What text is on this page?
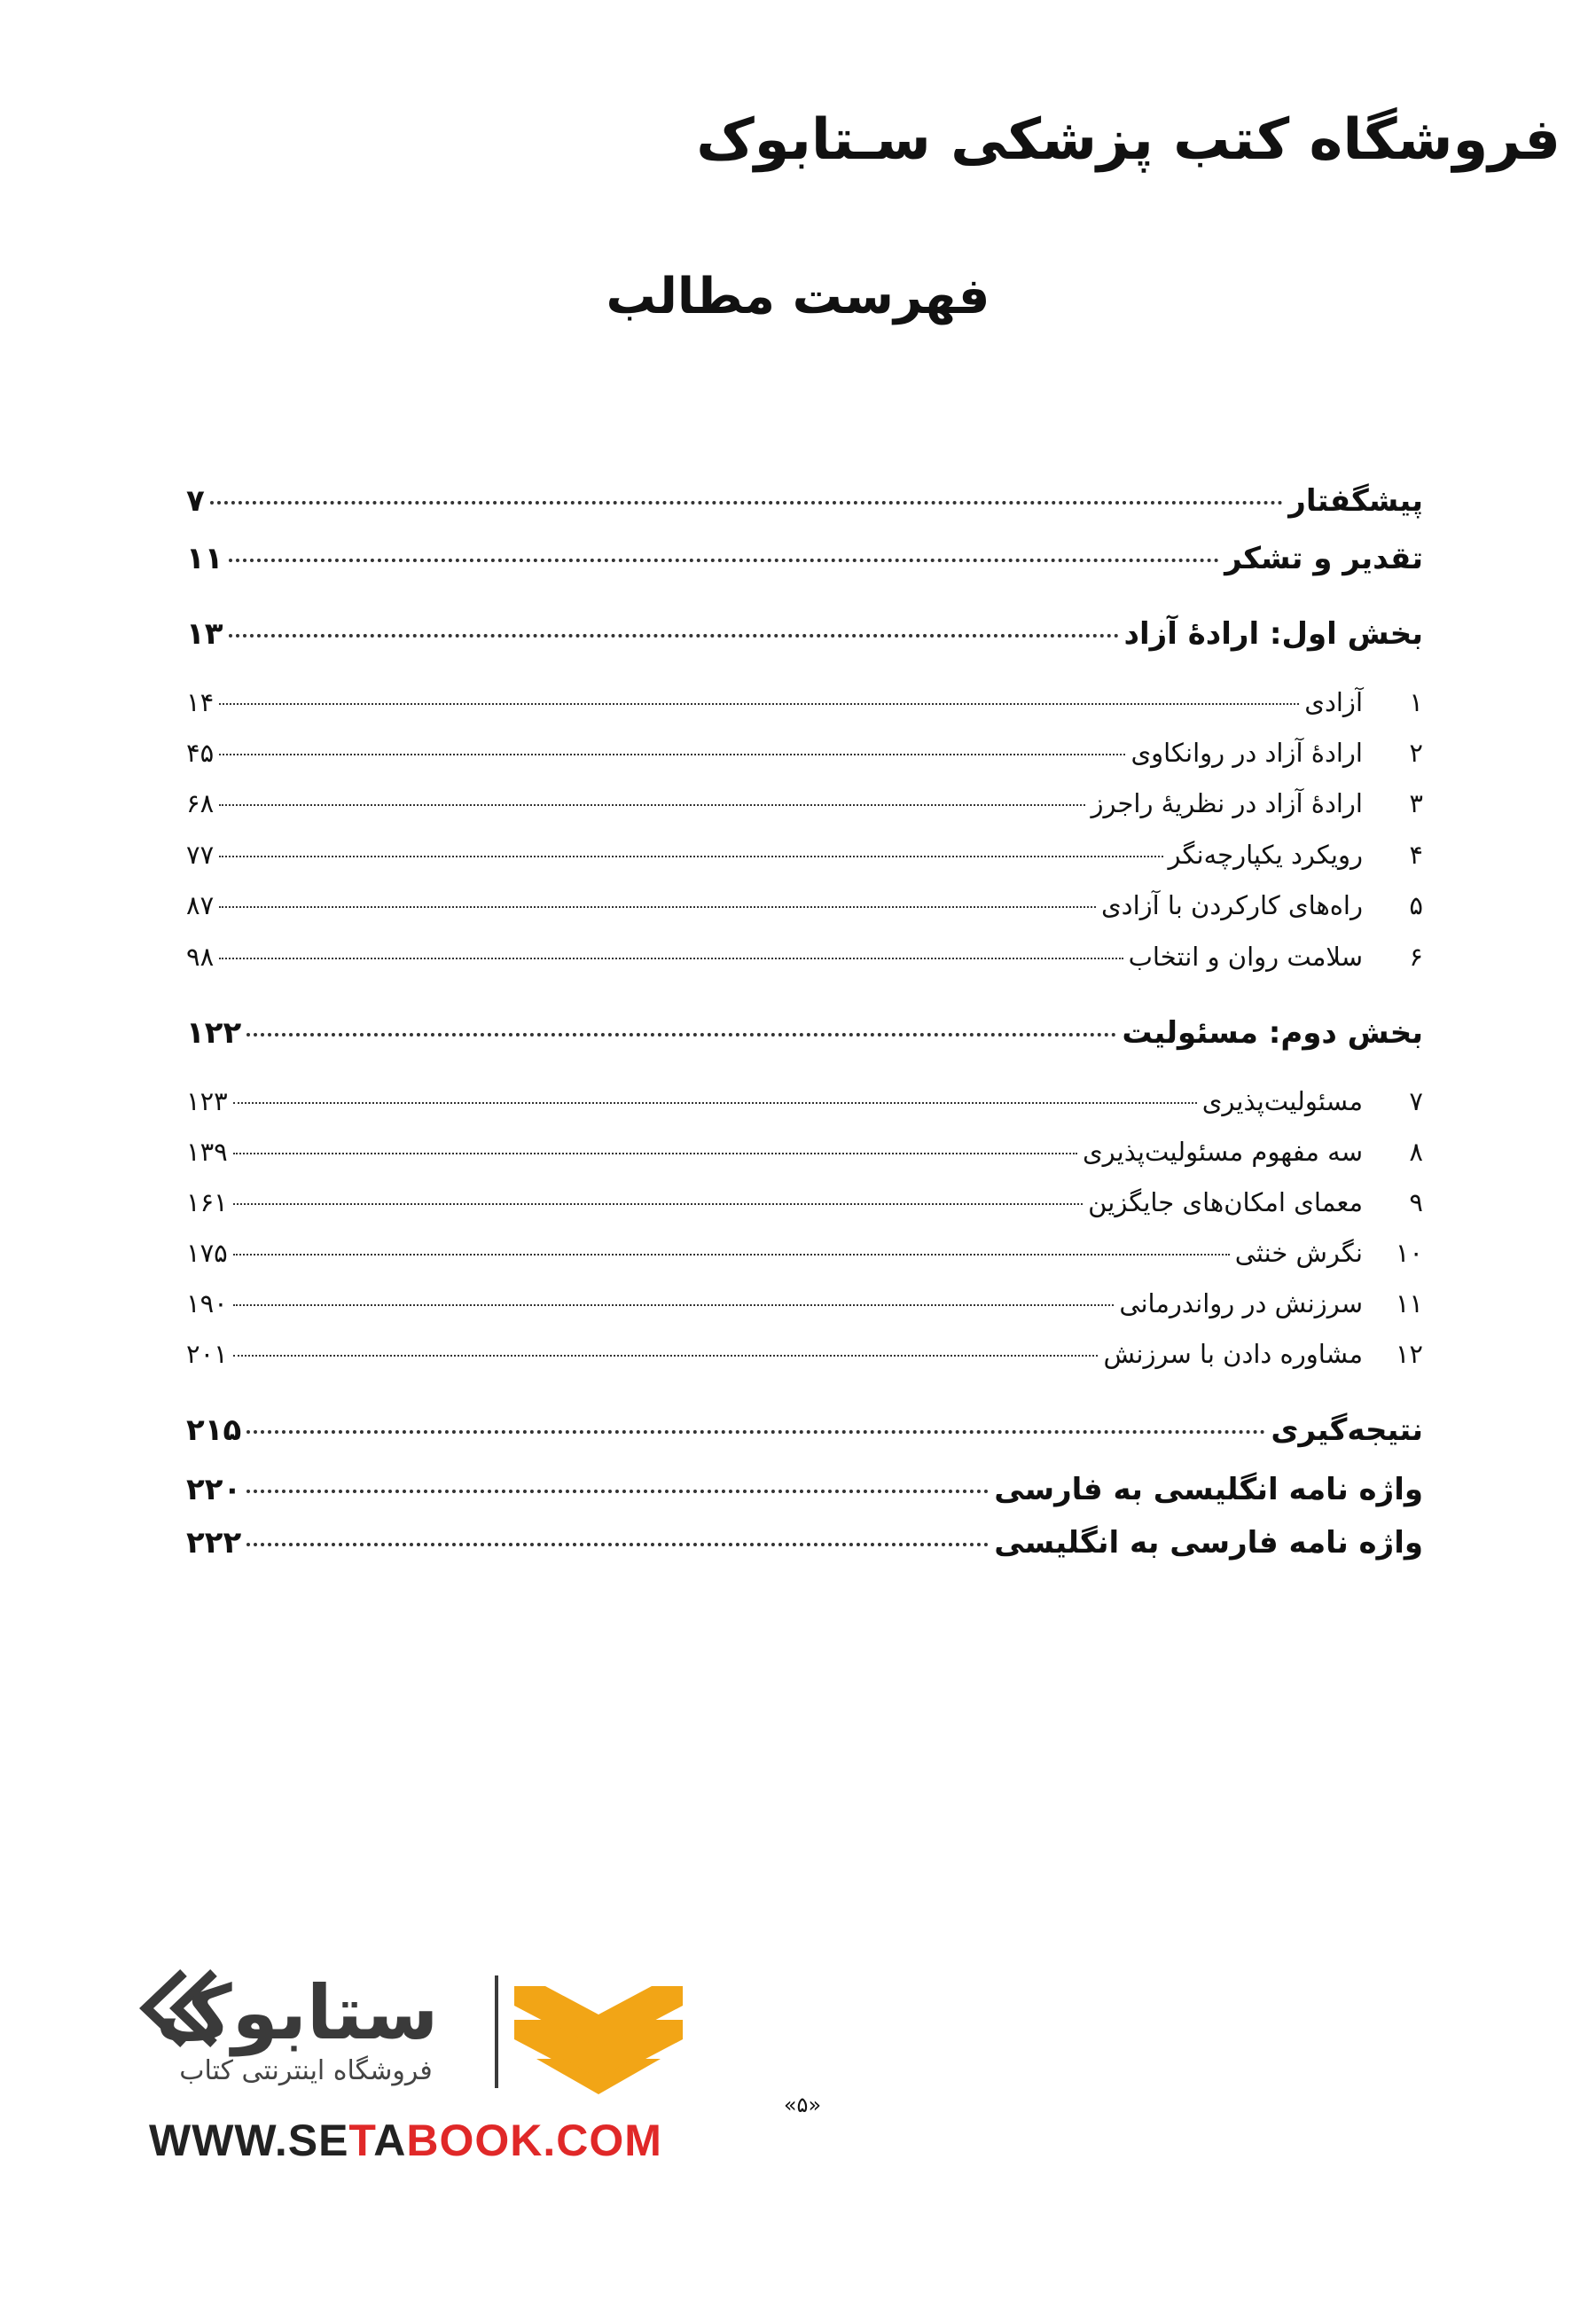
فروشگاه کتب پزشکی سـتابوک
فهرست مطالب
پیشگفتار
۷
تقدیر و تشکر
۱۱
بخش اول: ارادۀ آزاد
۱۳
۱
آزادی
۱۴
۲
ارادۀ آزاد در روانکاوی
۴۵
۳
ارادۀ آزاد در نظریۀ راجرز
۶۸
۴
رویکرد یکپارچه‌نگر
۷۷
۵
راه‌های کارکردن با آزادی
۸۷
۶
سلامت روان و انتخاب
۹۸
بخش دوم: مسئولیت
۱۲۲
۷
مسئولیت‌پذیری
۱۲۳
۸
سه مفهوم مسئولیت‌پذیری
۱۳۹
۹
معمای امکان‌های جایگزین
۱۶۱
۱۰
نگرش خنثی
۱۷۵
۱۱
سرزنش در رواندرمانی
۱۹۰
۱۲
مشاوره دادن با سرزنش
۲۰۱
نتیجه‌گیری
۲۱۵
واژه نامه انگلیسی به فارسی
۲۲۰
واژه نامه فارسی به انگلیسی
۲۲۲
«۵»
ستابوک
فروشگاه اینترنتی کتاب
WWW.SETABOOK.COM
